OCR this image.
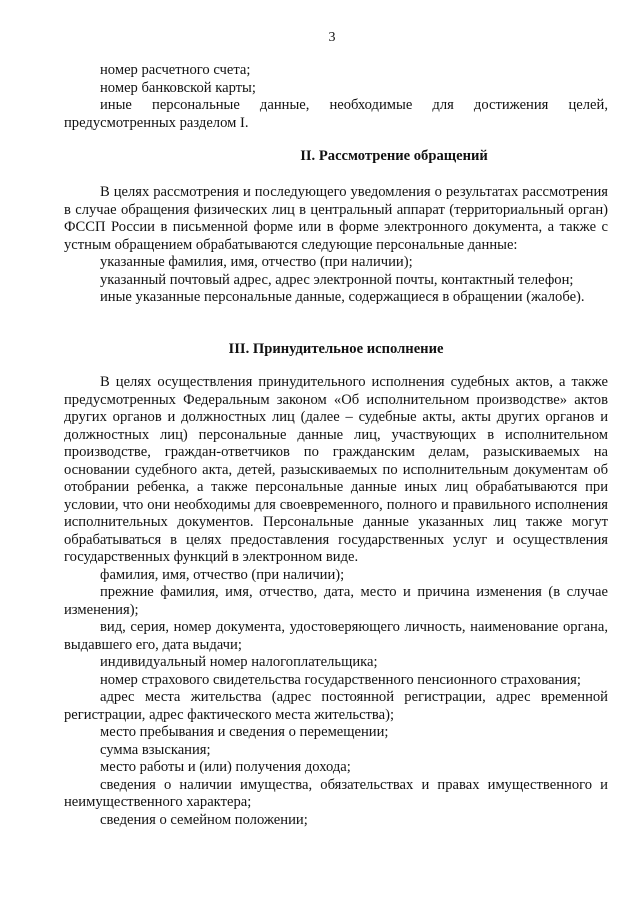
3

номер расчетного счета;

номер банковской карты;

иные персональные данные, необходимые для достижения целей, предусмотренных разделом I.

II. Рассмотрение обращений

В целях рассмотрения и последующего уведомления о результатах рассмотрения в случае обращения физических лиц в центральный аппарат (территориальный орган) ФССП России в письменной форме или в форме электронного документа, а также с устным обращением обрабатываются следующие персональные данные:

указанные фамилия, имя, отчество (при наличии);

указанный почтовый адрес, адрес электронной почты, контактный телефон;

иные указанные персональные данные, содержащиеся в обращении (жалобе).

III. Принудительное исполнение

В целях осуществления принудительного исполнения судебных актов, а также предусмотренных Федеральным законом «Об исполнительном производстве» актов других органов и должностных лиц (далее – судебные акты, акты других органов и должностных лиц) персональные данные лиц, участвующих в исполнительном производстве, граждан-ответчиков по гражданским делам, разыскиваемых на основании судебного акта, детей, разыскиваемых по исполнительным документам об отобрании ребенка, а также персональные данные иных лиц обрабатываются при условии, что они необходимы для своевременного, полного и правильного исполнения исполнительных документов. Персональные данные указанных лиц также могут обрабатываться в целях предоставления государственных услуг и осуществления государственных функций в электронном виде.

фамилия, имя, отчество (при наличии);

прежние фамилия, имя, отчество, дата, место и причина изменения (в случае изменения);

вид, серия, номер документа, удостоверяющего личность, наименование органа, выдавшего его, дата выдачи;

индивидуальный номер налогоплательщика;

номер страхового свидетельства государственного пенсионного страхования;

адрес места жительства (адрес постоянной регистрации, адрес временной регистрации, адрес фактического места жительства);

место пребывания и сведения о перемещении;

сумма взыскания;

место работы и (или) получения дохода;

сведения о наличии имущества, обязательствах и правах имущественного и неимущественного характера;

сведения о семейном положении;
